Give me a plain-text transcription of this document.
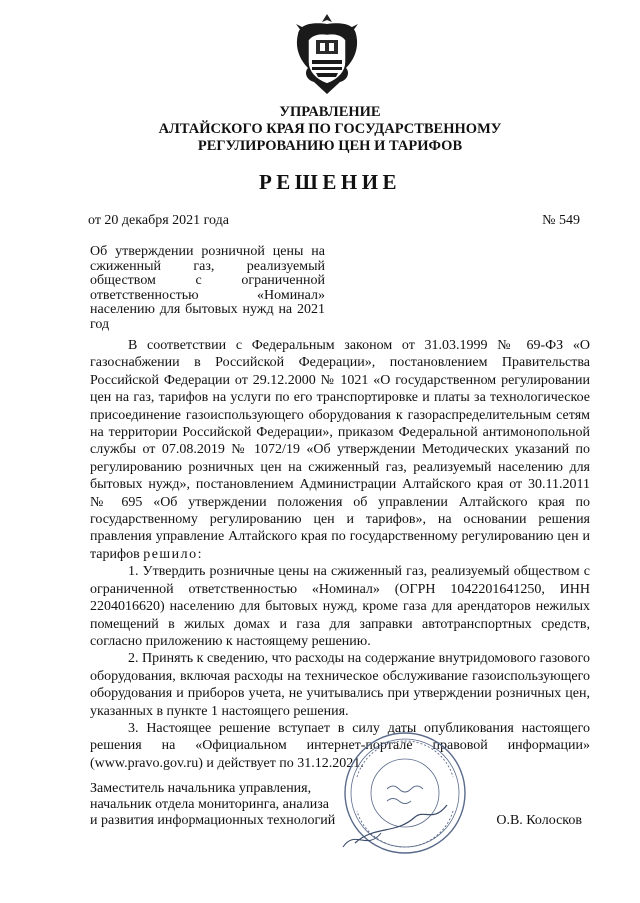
УПРАВЛЕНИЕ
АЛТАЙСКОГО КРАЯ ПО ГОСУДАРСТВЕННОМУ
РЕГУЛИРОВАНИЮ ЦЕН И ТАРИФОВ
РЕШЕНИЕ
от 20 декабря 2021 года	№ 549
Об утверждении розничной цены на сжиженный газ, реализуемый обществом с ограниченной ответственностью «Номинал» населению для бытовых нужд на 2021 год

В соответствии с Федеральным законом от 31.03.1999 № 69-ФЗ «О газоснабжении в Российской Федерации», постановлением Правительства Российской Федерации от 29.12.2000 № 1021 «О государственном регулировании цен на газ, тарифов на услуги по его транспортировке и платы за технологическое присоединение газоиспользующего оборудования к газораспределительным сетям на территории Российской Федерации», приказом Федеральной антимонопольной службы от 07.08.2019 № 1072/19 «Об утверждении Методических указаний по регулированию розничных цен на сжиженный газ, реализуемый населению для бытовых нужд», постановлением Администрации Алтайского края от 30.11.2011 № 695 «Об утверждении положения об управлении Алтайского края по государственному регулированию цен и тарифов», на основании решения правления управление Алтайского края по государственному регулированию цен и тарифов решило:

1. Утвердить розничные цены на сжиженный газ, реализуемый обществом с ограниченной ответственностью «Номинал» (ОГРН 1042201641250, ИНН 2204016620) населению для бытовых нужд, кроме газа для арендаторов нежилых помещений в жилых домах и газа для заправки автотранспортных средств, согласно приложению к настоящему решению.

2. Принять к сведению, что расходы на содержание внутридомового газового оборудования, включая расходы на техническое обслуживание газоиспользующего оборудования и приборов учета, не учитывались при утверждении розничных цен, указанных в пункте 1 настоящего решения.

3. Настоящее решение вступает в силу даты опубликования настоящего решения на «Официальном интернет-портале правовой информации» (www.pravo.gov.ru) и действует по 31.12.2021.

Заместитель начальника управления,
начальник отдела мониторинга, анализа
и развития информационных технологий	О.В. Колосков
